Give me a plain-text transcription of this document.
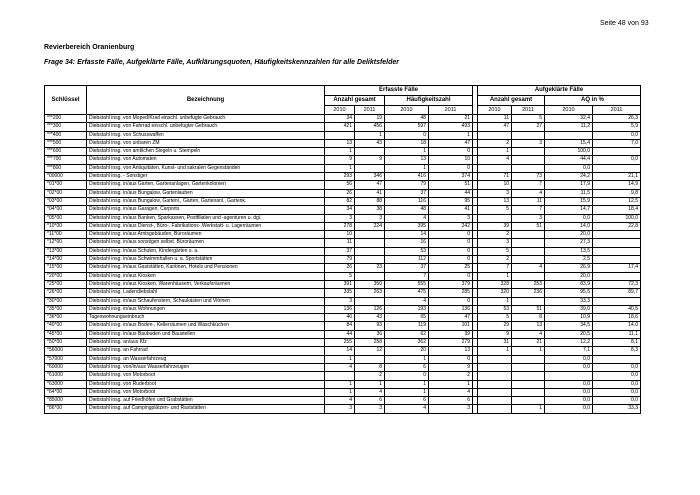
Seite 48 von 93
Revierbereich Oranienburg
Frage 34: Erfasste Fälle, Aufgeklärte Fälle, Aufklärungsquoten, Häufigkeitskennzahlen für alle Deliktsfelder
Schlüssel	Bezeichnung	Erfasste Fälle					Aufgeklärte Fälle			
		Anzahl gesamt		Häufigkeitszahl			Anzahl gesamt		AQ in %	
		2010	2011	2010	2011		2010	2011	2010	2011
***200	Diebstahl insg. von Moped/Krad einschl. unbefugte Gebrauch	34	19	48	21		11	5	32,4	26,3
***300	Diebstahl insg. von Fahrrad einschl. unbefugter Gebrauch	421	456	597	493		47	27	11,2	5,9
***400	Diebstahl insg. von Schusswaffen		1	0	1					0,0
***500	Diebstahl insg. von unbaren ZM	13	43	18	47		2	3	15,4	7,0
***600	Diebstahl insg. von amtlichen Siegeln u. Stempeln	1		1	0		1		100,0	
***700	Diebstahl insg. von Automaten	9	9	13	10		4		44,4	0,0
***800	Diebstahl insg. von Antiquitäten, Kunst- und sakralen Gegenständen	1		1	0				0,0	
*00000	Diebstahl insg. - Sonstiger	293	346	416	374		71	73	24,2	21,1
*01*00	Diebstahl insg. in/aus Gärten, Gartenanlagen, Gartenkolonien	56	47	79	51		10	7	17,9	14,9
*02*00	Diebstahl insg. in/aus Bungalow, Gartenlauben	26	41	37	44		3	4	11,5	9,8
*03*00	Diebstahl insg. in/aus Bungalow, Gartenl., Gärten, Gartenanl., Gartenk.	82	88	116	95		13	11	15,9	12,5
*04*00	Diebstahl insg. in/aus Garagen, Carports	34	38	48	41		5	7	14,7	18,4
*05*00	Diebstahl insg. in/aus Banken, Sparkassen, Postfilialen und -agenturen u. dgl.	3	3	4	3			3	0,0	100,0
*10*00	Diebstahl insg. in/aus Dienst-, Büro-, Fabrikations-,Werkstatt- u. Lagerräumen	278	224	395	242		39	51	14,0	22,8
*11*00	Diebstahl insg. in/aus Amtsgebäuden, Büroräumen	10		14	0		2		20,0	
*12*00	Diebstahl insg. in/aus sonstigen selbst. Büroräumen	11		16	0		3		27,3	
*13*00	Diebstahl insg. in/aus Schulen, Kindergärten u. a.	37		53	0		5		13,5	
*14*00	Diebstahl insg. in/aus Schwimmhallen u. a. Sportstätten	79		112	0		2		2,5	
*15*00	Diebstahl insg. in/aus Gaststätten, Kantinen, Hotels und Pensionen	26	23	37	25		7	4	26,9	17,4
*20*00	Diebstahl insg. in/aus Kiosken	5		7	0		1		20,0	
*25*00	Diebstahl insg. in/aus Kiosken, Warenhäusern, Verkaufsräumen	391	350	555	379		328	253	83,9	72,3
*26*00	Diebstahl insg. Ladendiebstahl	335	263	475	285		320	236	95,5	89,7
*30*00	Diebstahl insg. in/aus Schaufenstern, Schaukästen und Vitrinen	3		4	0		1		33,3	
*35*00	Diebstahl insg. in/aus Wohnungen	136	126	193	136		53	51	39,0	40,5
*36*00	Tageswohnungseinbruch	46	43	65	47		5	8	10,9	18,6
*40*00	Diebstahl insg. in/aus Boden-, Kellerräumen und Waschküchen	84	93	119	101		29	13	34,5	14,0
*45*00	Diebstahl insg. in/aus Baubuden und Baustellen	44	36	62	39		9	4	20,5	11,1
*50*00	Diebstahl insg. an/aus Kfz	255	258	362	279		31	21	12,2	8,1
*56000	Diebstahl insg. an Fahrrad	14	12	20	13		1	1	7,1	8,3
*57000	Diebstahl insg. an Wasserfahrzeug	1		1	0				0,0	
*60000	Diebstahl insg. von/in/aus Wasserfahrzeugen	4	8	6	9				0,0	0,0
*61000	Diebstahl insg. von Motorboot		2	0	2					0,0
*63000	Diebstahl insg. von Ruderboot	1	1	1	1				0,0	0,0
*64*00	Diebstahl insg. von Motorboot	1	4	1	4				0,0	0,0
*85000	Diebstahl insg. auf Friedhöfen und Grabstätten	4	6	6	6				0,0	0,0
*86*00	Diebstahl insg. auf Campingplätzen- und Raststätten	3	3	4	3			1	0,0	33,3
